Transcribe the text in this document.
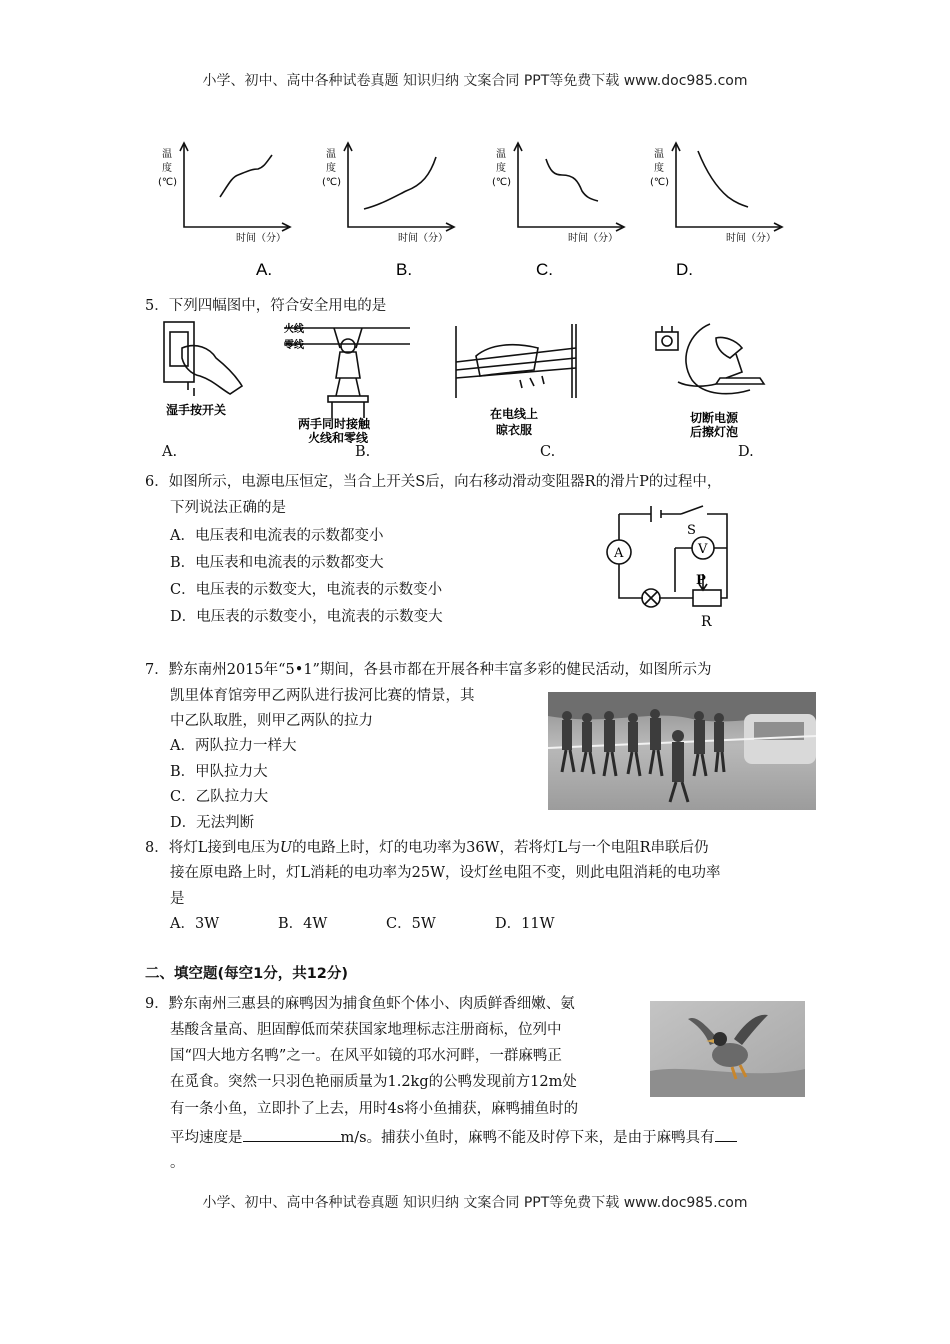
小学、初中、高中各种试卷真题 知识归纳 文案合同 PPT等免费下载 www.doc985.com
温
度
(℃)
时间（分）
温
度
(℃)
时间（分）
温
度
(℃)
时间（分）
温
度
(℃)
时间（分）
A.	B.	C.	D.
5．下列四幅图中，符合安全用电的是
湿手按开关
火线
零线
两手同时接触
火线和零线
在电线上
晾衣服
切断电源
后擦灯泡
A.	B.	C.	D.
6．如图所示，电源电压恒定，当合上开关S后，向右移动滑动变阻器R的滑片P的过程中，
下列说法正确的是
A．电压表和电流表的示数都变小
B．电压表和电流表的示数都变大
C．电压表的示数变大，电流表的示数变小
D．电压表的示数变小，电流表的示数变大
S
A	V
P
R
7．黔东南州2015年“5•1”期间，各县市都在开展各种丰富多彩的健民活动，如图所示为
凯里体育馆旁甲乙两队进行拔河比赛的情景，其
中乙队取胜，则甲乙两队的拉力
A．两队拉力一样大
B．甲队拉力大
C．乙队拉力大
D．无法判断
8．将灯L接到电压为U的电路上时，灯的电功率为36W，若将灯L与一个电阻R串联后仍
接在原电路上时，灯L消耗的电功率为25W，设灯丝电阻不变，则此电阻消耗的电功率
是
A．3W	B．4W	C．5W	D．11W
二、填空题(每空1分，共12分)
9．黔东南州三惠县的麻鸭因为捕食鱼虾个体小、肉质鲜香细嫩、氨
基酸含量高、胆固醇低而荣获国家地理标志注册商标，位列中
国“四大地方名鸭”之一。在风平如镜的邛水河畔，一群麻鸭正
在觅食。突然一只羽色艳丽质量为1.2kg的公鸭发现前方12m处
有一条小鱼，立即扑了上去，用时4s将小鱼捕获，麻鸭捕鱼时的
平均速度是	m/s。捕获小鱼时，麻鸭不能及时停下来，是由于麻鸭具有
。
小学、初中、高中各种试卷真题 知识归纳 文案合同 PPT等免费下载 www.doc985.com
